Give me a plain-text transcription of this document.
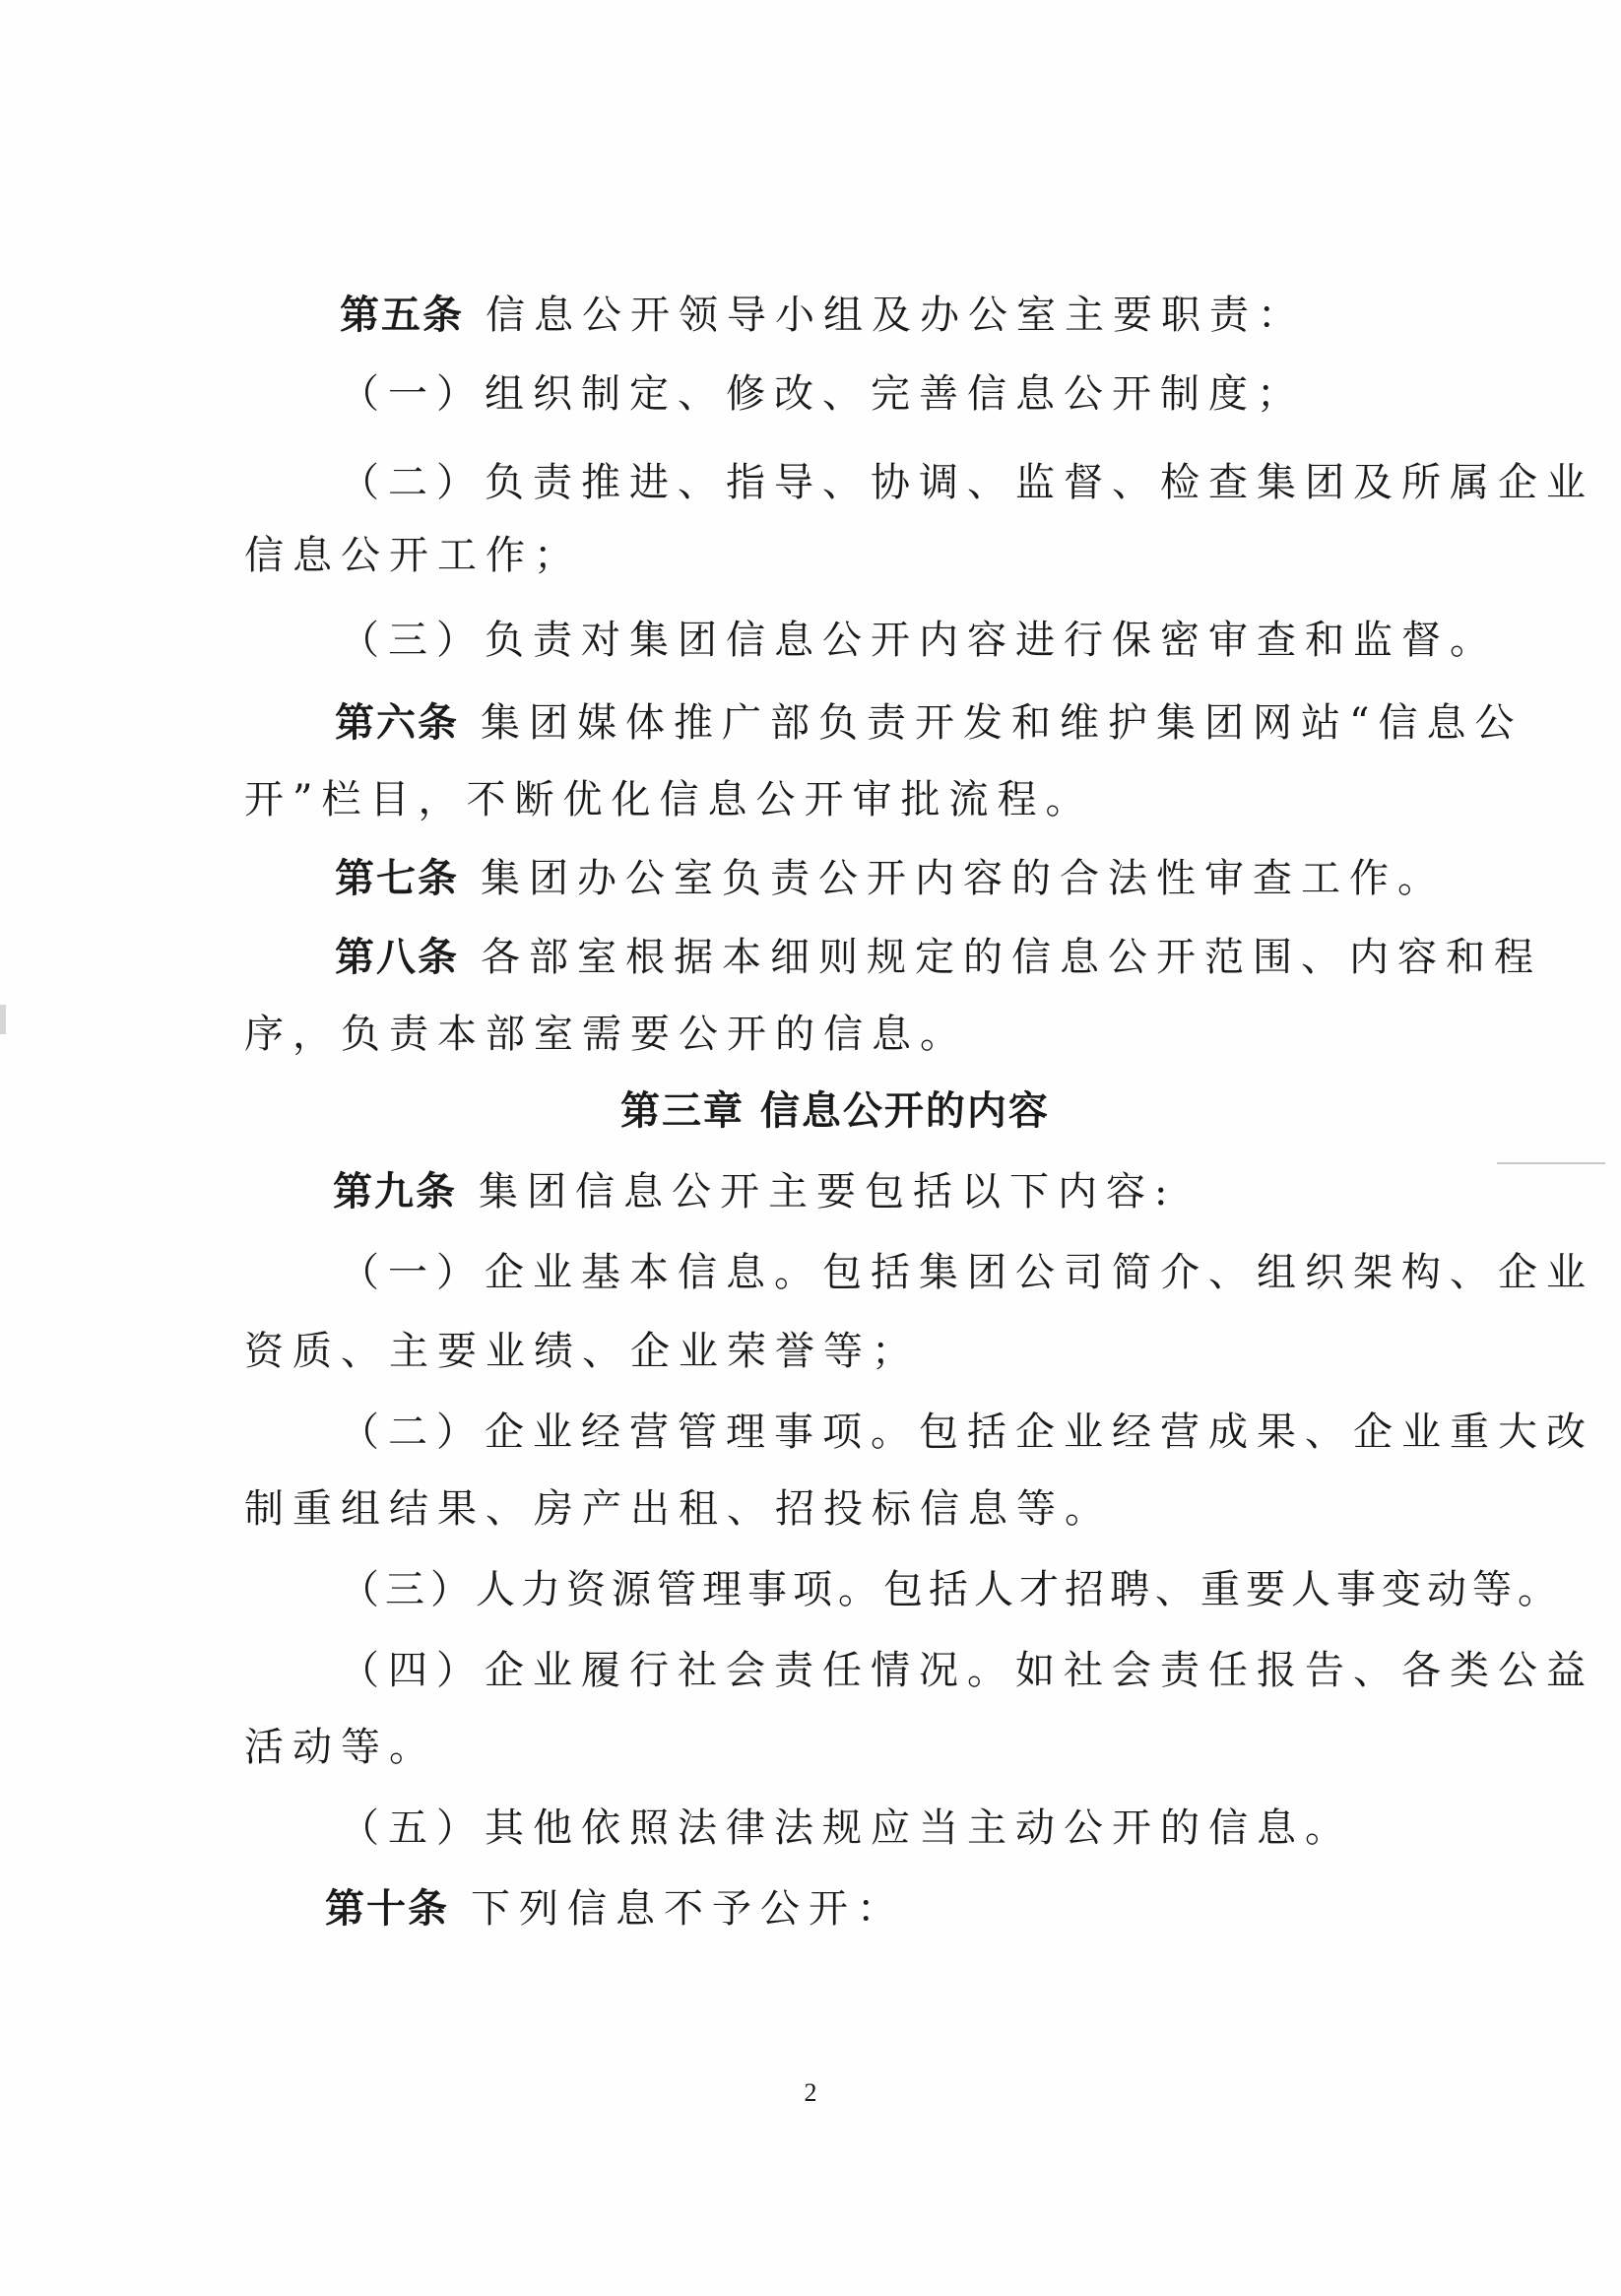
第五条 信息公开领导小组及办公室主要职责：
（一）组织制定、修改、完善信息公开制度；
（二）负责推进、指导、协调、监督、检查集团及所属企业
信息公开工作；
（三）负责对集团信息公开内容进行保密审查和监督。
第六条 集团媒体推广部负责开发和维护集团网站“信息公
开”栏目，不断优化信息公开审批流程。
第七条 集团办公室负责公开内容的合法性审查工作。
第八条 各部室根据本细则规定的信息公开范围、内容和程
序，负责本部室需要公开的信息。
第三章 信息公开的内容
第九条 集团信息公开主要包括以下内容:
（一）企业基本信息。包括集团公司简介、组织架构、企业
资质、主要业绩、企业荣誉等；
（二）企业经营管理事项。包括企业经营成果、企业重大改
制重组结果、房产出租、招投标信息等。
（三）人力资源管理事项。包括人才招聘、重要人事变动等。
（四）企业履行社会责任情况。如社会责任报告、各类公益
活动等。
（五）其他依照法律法规应当主动公开的信息。
第十条 下列信息不予公开：
2
